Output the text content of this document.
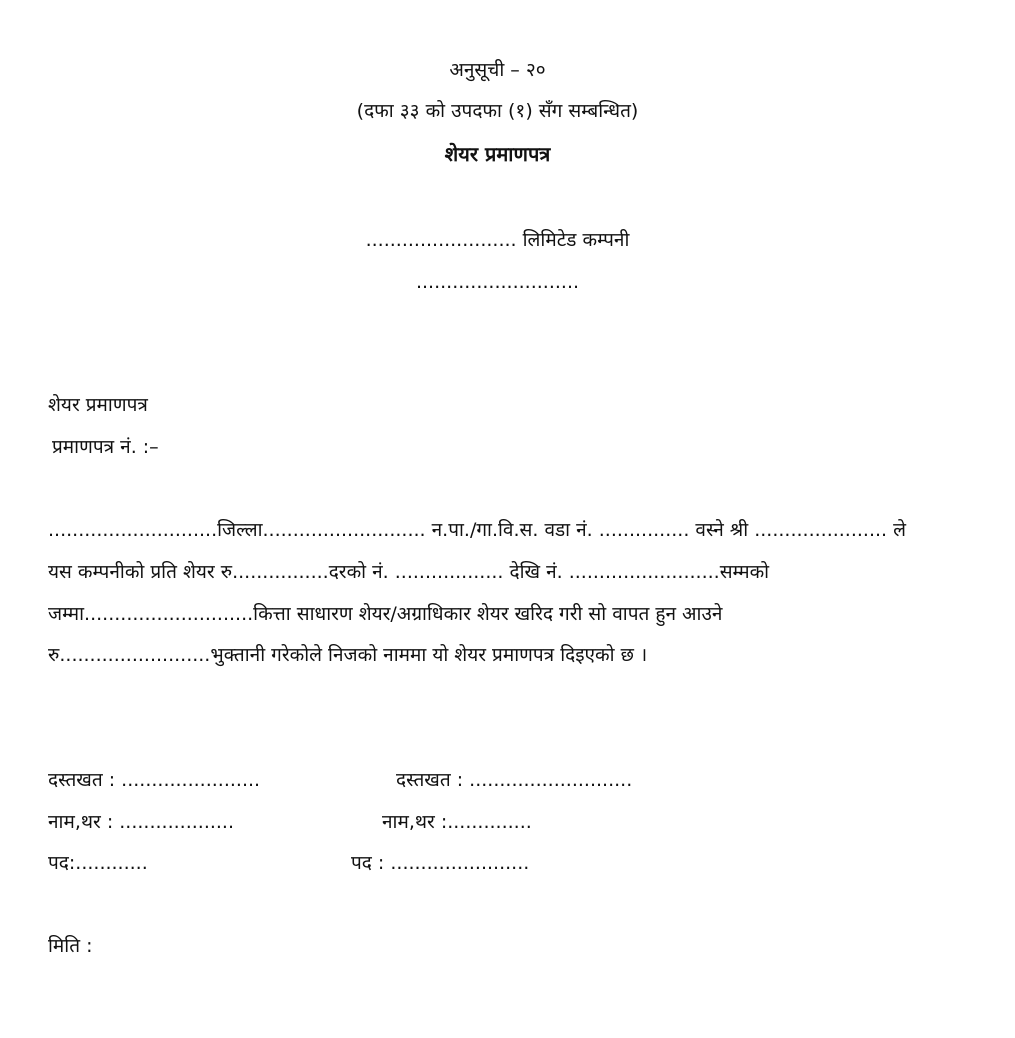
अनुसूची – २०
(दफा ३३ को उपदफा (१) सँग सम्बन्धित)
शेयर प्रमाणपत्र
......................... लिमिटेड कम्पनी
...........................
शेयर प्रमाणपत्र
प्रमाणपत्र नं. :–
............................जिल्ला........................... न.पा./गा.वि.स. वडा नं. ............... वस्ने श्री ...................... ले
यस कम्पनीको प्रति शेयर रु................दरको नं. .................. देखि नं. .........................सम्मको
जम्मा............................कित्ता साधारण शेयर/अग्राधिकार शेयर खरिद गरी सो वापत हुन आउने
रु.........................भुक्तानी गरेकोले निजको नाममा यो शेयर प्रमाणपत्र दिइएको छ ।
दस्तखत : .......................	दस्तखत : ...........................
नाम,थर : ...................	नाम,थर :..............
पद:............	पद : .......................
मिति :
